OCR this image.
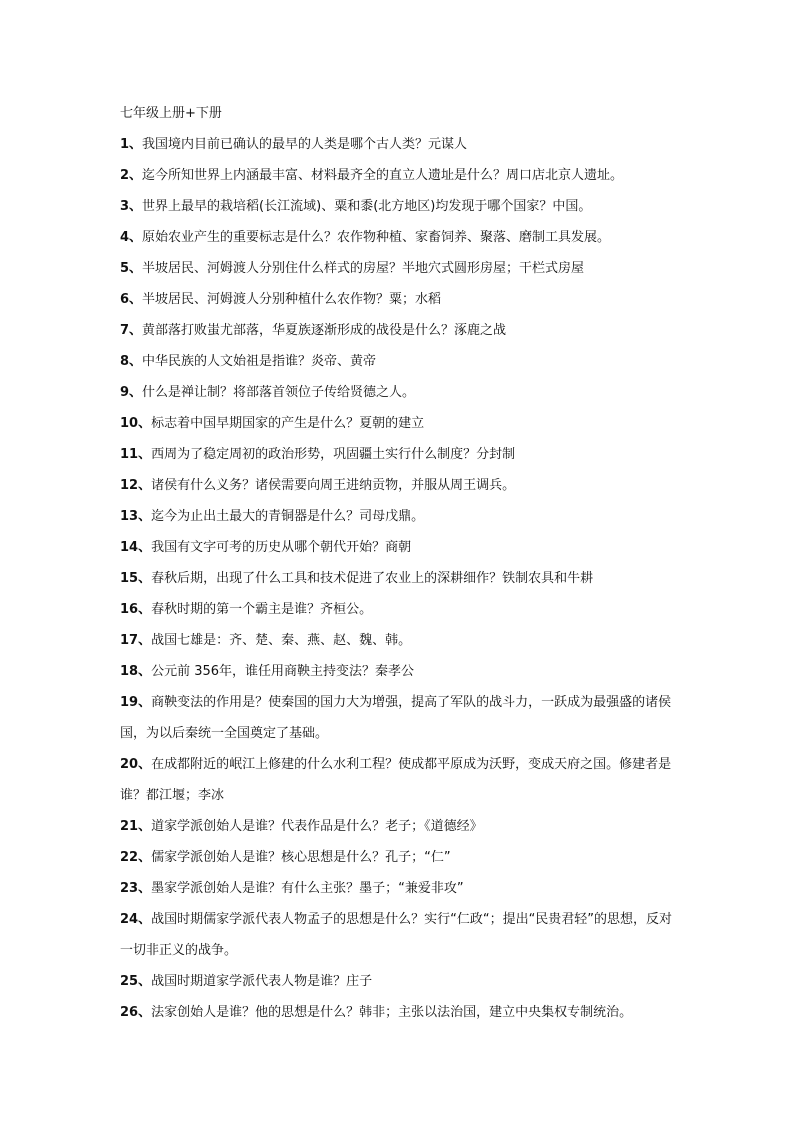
七年级上册+下册
1、我国境内目前已确认的最早的人类是哪个古人类？元谋人
2、迄今所知世界上内涵最丰富、材料最齐全的直立人遗址是什么？周口店北京人遗址。
3、世界上最早的栽培稻(长江流域)、粟和黍(北方地区)均发现于哪个国家？中国。
4、原始农业产生的重要标志是什么？农作物种植、家畜饲养、聚落、磨制工具发展。
5、半坡居民、河姆渡人分别住什么样式的房屋？半地穴式圆形房屋；干栏式房屋
6、半坡居民、河姆渡人分别种植什么农作物？粟；水稻
7、黄部落打败蚩尤部落，华夏族逐渐形成的战役是什么？涿鹿之战
8、中华民族的人文始祖是指谁？炎帝、黄帝
9、什么是禅让制？将部落首领位子传给贤德之人。
10、标志着中国早期国家的产生是什么？夏朝的建立
11、西周为了稳定周初的政治形势，巩固疆土实行什么制度？分封制
12、诸侯有什么义务？诸侯需要向周王进纳贡物，并服从周王调兵。
13、迄今为止出土最大的青铜器是什么？司母戊鼎。
14、我国有文字可考的历史从哪个朝代开始？商朝
15、春秋后期，出现了什么工具和技术促进了农业上的深耕细作？铁制农具和牛耕
16、春秋时期的第一个霸主是谁？齐桓公。
17、战国七雄是：齐、楚、秦、燕、赵、魏、韩。
18、公元前 356年，谁任用商鞅主持变法？秦孝公
19、商鞅变法的作用是？使秦国的国力大为增强，提高了军队的战斗力，一跃成为最强盛的诸侯国，为以后秦统一全国奠定了基础。
20、在成都附近的岷江上修建的什么水利工程？使成都平原成为沃野，变成天府之国。修建者是谁？都江堰；李冰
21、道家学派创始人是谁？代表作品是什么？老子；《道德经》
22、儒家学派创始人是谁？核心思想是什么？孔子；“仁”
23、墨家学派创始人是谁？有什么主张？墨子；“兼爱非攻”
24、战国时期儒家学派代表人物孟子的思想是什么？实行“仁政“；提出“民贵君轻”的思想，反对一切非正义的战争。
25、战国时期道家学派代表人物是谁？庄子
26、法家创始人是谁？他的思想是什么？韩非；主张以法治国，建立中央集权专制统治。
